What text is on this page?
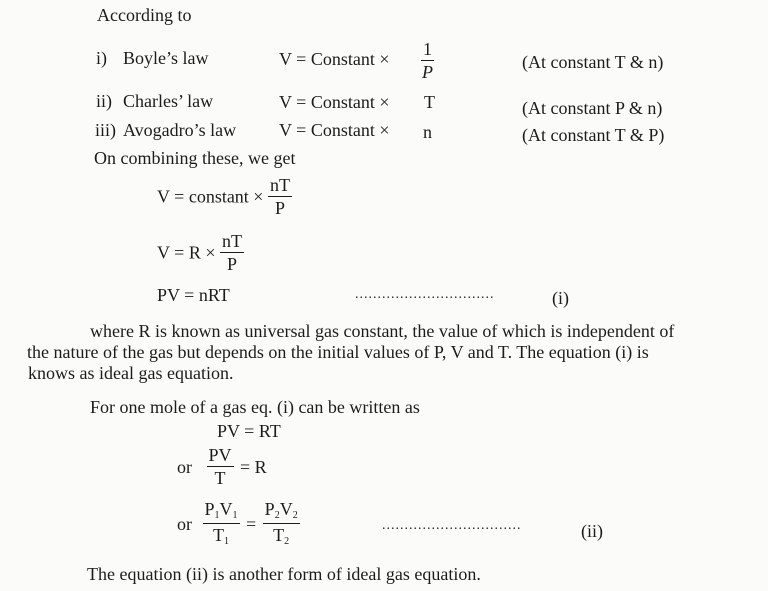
According to
i) Boyle’s law	V = Constant × $\frac{1}{P}$	(At constant T & n)
ii) Charles’ law	V = Constant × T	(At constant P & n)
iii) Avogadro’s law V = Constant × n	(At constant T & P)
On combining these, we get
V = constant × $\frac{nT}{P}$
$V = R \times \frac{nT}{P}$
PV = nRT	...............................	(i)
where R is known as universal gas constant, the value of which is independent of
the nature of the gas but depends on the initial values of P, V and T. The equation (i) is
knows as ideal gas equation.
For one mole of a gas eq. (i) can be written as
PV = RT
or $\frac{PV}{T} = R$
or $\frac{P_1V_1}{T_1} = \frac{P_2V_2}{T_2}$	...............................	(ii)
The equation (ii) is another form of ideal gas equation.
